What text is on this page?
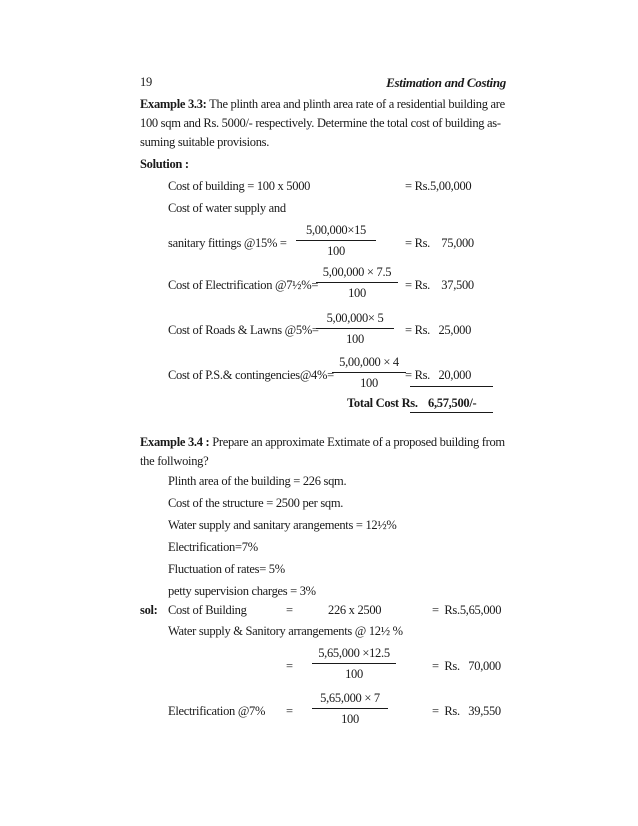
19	Estimation and Costing
Example 3.3: The plinth area and plinth area rate of a residential building are
100 sqm and Rs. 5000/- respectively. Determine the total cost of building as-
suming suitable provisions.
Solution :
Cost of building = 100 x 5000	= Rs.5,00,000
Cost of water supply and
sanitary fittings @15% = $\frac{5,00,000\times 15}{100} = Rs$.    75,000
Cost of Electrification @7½%=
$\frac{5,00,000 \times 7.5}{100} = Rs$.    37,500
Cost of Roads & Lawns @5%=
$\frac{5,00,000\times 5}{100} = Rs$.   25,000
Cost of P.S.& contingencies@4%=
$\frac{5,00,000 \times 4}{100} = Rs$.   20,000
Total Cost Rs. 6,57,500/-
Example 3.4 : Prepare an approximate Extimate of a proposed building from
the follwoing?
Plinth area of the building = 226 sqm.
Cost of the structure = 2500 per sqm.
Water supply and sanitary arangements = 12½%
Electrification=7%
Fluctuation of rates= 5%
petty supervision charges = 3%
sol: Cost of Building	=	226 x 2500	=  Rs.5,65,000
Water supply & Sanitory arrangements @ 12½ %
= $\frac{5,65,000 \times 12.5}{100}$	=  Rs.   70,000
Electrification @7% = $\frac{5,65,000 \times 7}{100}$	=  Rs.   39,550
